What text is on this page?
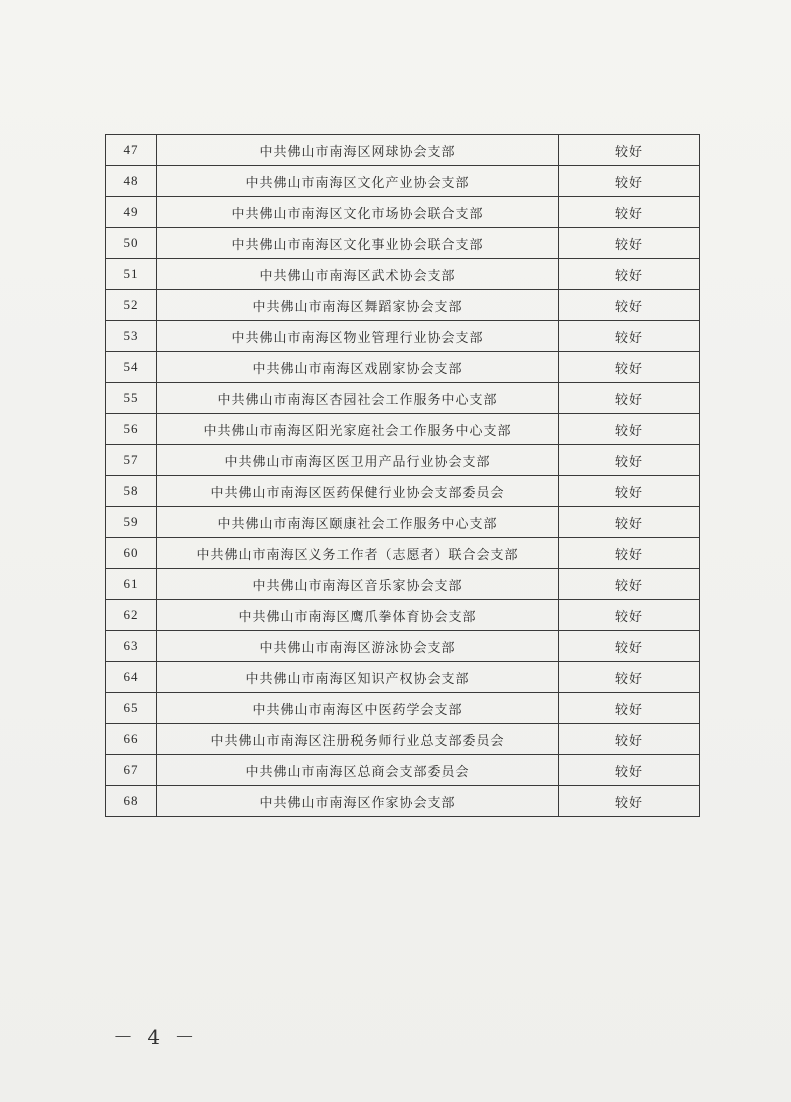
47	中共佛山市南海区网球协会支部	较好
48	中共佛山市南海区文化产业协会支部	较好
49	中共佛山市南海区文化市场协会联合支部	较好
50	中共佛山市南海区文化事业协会联合支部	较好
51	中共佛山市南海区武术协会支部	较好
52	中共佛山市南海区舞蹈家协会支部	较好
53	中共佛山市南海区物业管理行业协会支部	较好
54	中共佛山市南海区戏剧家协会支部	较好
55	中共佛山市南海区杏园社会工作服务中心支部	较好
56	中共佛山市南海区阳光家庭社会工作服务中心支部	较好
57	中共佛山市南海区医卫用产品行业协会支部	较好
58	中共佛山市南海区医药保健行业协会支部委员会	较好
59	中共佛山市南海区颐康社会工作服务中心支部	较好
60	中共佛山市南海区义务工作者（志愿者）联合会支部	较好
61	中共佛山市南海区音乐家协会支部	较好
62	中共佛山市南海区鹰爪拳体育协会支部	较好
63	中共佛山市南海区游泳协会支部	较好
64	中共佛山市南海区知识产权协会支部	较好
65	中共佛山市南海区中医药学会支部	较好
66	中共佛山市南海区注册税务师行业总支部委员会	较好
67	中共佛山市南海区总商会支部委员会	较好
68	中共佛山市南海区作家协会支部	较好
－ 4 －
